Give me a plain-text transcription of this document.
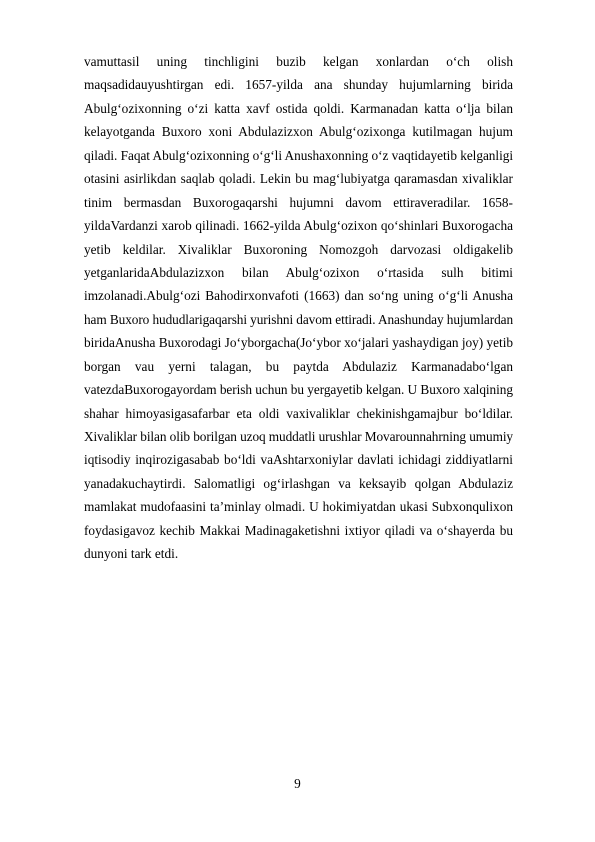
vamuttasil uning tinchligini buzib kelgan xonlardan o‘ch olish
maqsadidauyushtirgan edi. 1657-yilda ana shunday hujumlarning birida
Abulg‘ozixonning o‘zi katta xavf ostida qoldi. Karmanadan katta o‘lja bilan
kelayotganda Buxoro xoni Abdulazizxon Abulg‘ozixonga kutilmagan hujum
qiladi. Faqat Abulg‘ozixonning o‘g‘li Anushaxonning o‘z vaqtidayetib kelganligi
otasini asirlikdan saqlab qoladi. Lekin bu mag‘lubiyatga qaramasdan xivaliklar
tinim bermasdan Buxorogaqarshi hujumni davom ettiraveradilar. 1658-
yildaVardanzi xarob qilinadi. 1662-yilda Abulg‘ozixon qo‘shinlari Buxorogacha
yetib keldilar. Xivaliklar Buxoroning Nomozgoh darvozasi oldigakelib
yetganlaridaAbdulazizxon bilan Abulg‘ozixon o‘rtasida sulh bitimi
imzolanadi.Abulg‘ozi Bahodirxonvafoti (1663) dan so‘ng uning o‘g‘li Anusha
ham Buxoro hududlarigaqarshi yurishni davom ettiradi. Anashunday hujumlardan
biridaAnusha Buxorodagi Jo‘yborgacha(Jo‘ybor xo‘jalari yashaydigan joy) yetib
borgan vau yerni talagan, bu paytda Abdulaziz Karmanadabo‘lgan
vatezdaBuxorogayordam berish uchun bu yergayetib kelgan. U Buxoro xalqining
shahar himoyasigasafarbar eta oldi vaxivaliklar chekinishgamajbur bo‘ldilar.
Xivaliklar bilan olib borilgan uzoq muddatli urushlar Movarounnahrning umumiy
iqtisodiy inqirozigasabab bo‘ldi vaAshtarxoniylar davlati ichidagi ziddiyatlarni
yanadakuchaytirdi. Salomatligi og‘irlashgan va keksayib qolgan Abdulaziz
mamlakat mudofaasini ta’minlay olmadi. U hokimiyatdan ukasi Subxonqulixon
foydasigavoz kechib Makkai Madinagaketishni ixtiyor qiladi va o‘shayerda bu
dunyoni tark etdi.
9
